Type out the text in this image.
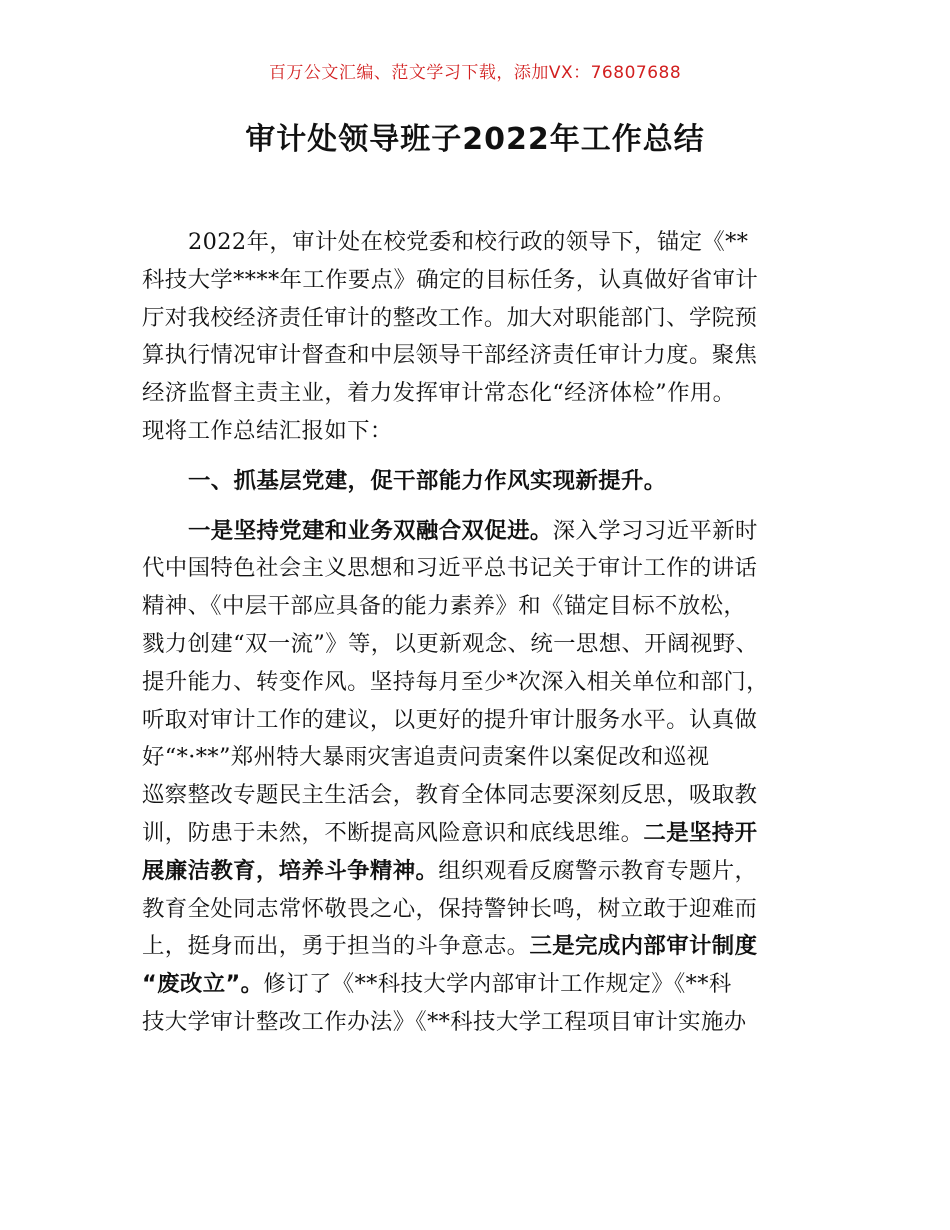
百万公文汇编、范文学习下载，添加VX：76807688
审计处领导班子2022年工作总结
2022年，审计处在校党委和校行政的领导下，锚定《**
科技大学****年工作要点》确定的目标任务，认真做好省审计
厅对我校经济责任审计的整改工作。加大对职能部门、学院预
算执行情况审计督查和中层领导干部经济责任审计力度。聚焦
经济监督主责主业，着力发挥审计常态化“经济体检”作用。
现将工作总结汇报如下：
一、抓基层党建，促干部能力作风实现新提升。
一是坚持党建和业务双融合双促进。深入学习习近平新时
代中国特色社会主义思想和习近平总书记关于审计工作的讲话
精神、《中层干部应具备的能力素养》和《锚定目标不放松，
戮力创建“双一流”》等，以更新观念、统一思想、开阔视野、
提升能力、转变作风。坚持每月至少*次深入相关单位和部门，
听取对审计工作的建议，以更好的提升审计服务水平。认真做
好“*·**”郑州特大暴雨灾害追责问责案件以案促改和巡视
巡察整改专题民主生活会，教育全体同志要深刻反思，吸取教
训，防患于未然，不断提高风险意识和底线思维。二是坚持开
展廉洁教育，培养斗争精神。组织观看反腐警示教育专题片，
教育全处同志常怀敬畏之心，保持警钟长鸣，树立敢于迎难而
上，挺身而出，勇于担当的斗争意志。三是完成内部审计制度
“废改立”。修订了《**科技大学内部审计工作规定》《**科
技大学审计整改工作办法》《**科技大学工程项目审计实施办
